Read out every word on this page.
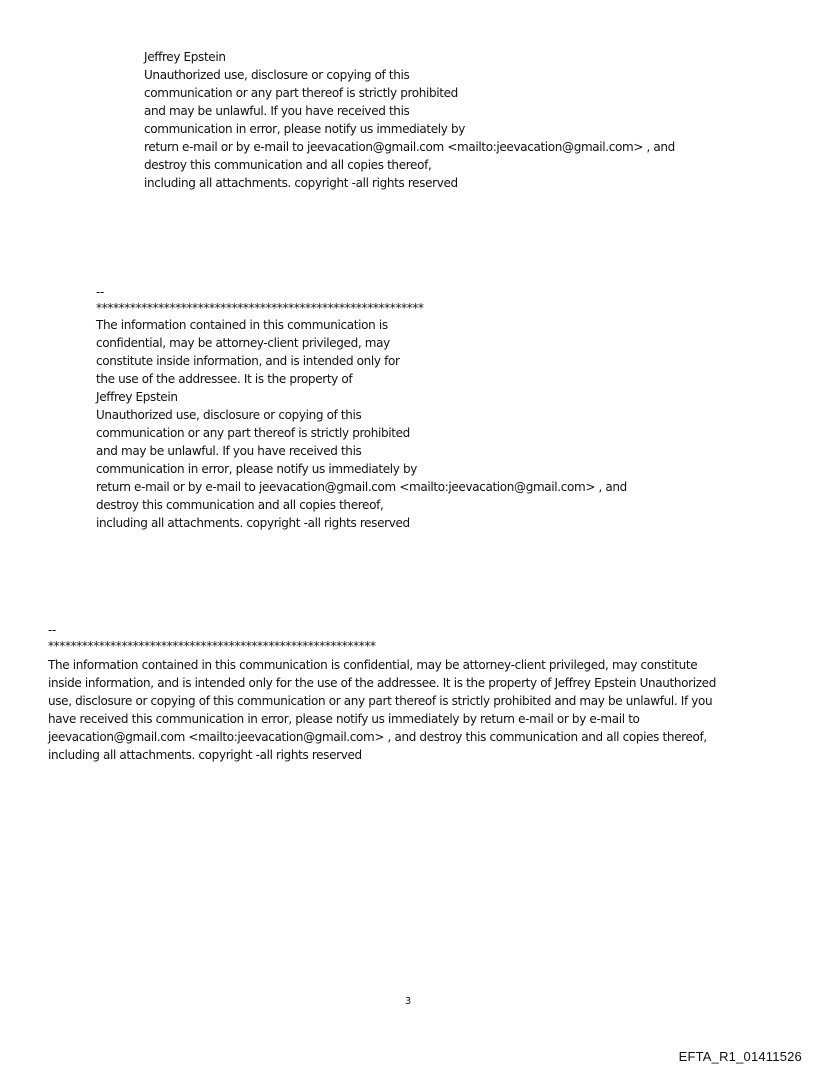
Jeffrey Epstein
Unauthorized use, disclosure or copying of this
communication or any part thereof is strictly prohibited
and may be unlawful. If you have received this
communication in error, please notify us immediately by
return e-mail or by e-mail to jeevacation@gmail.com <mailto:jeevacation@gmail.com> , and
destroy this communication and all copies thereof,
including all attachments. copyright -all rights reserved
--
**********************************************************
The information contained in this communication is
confidential, may be attorney-client privileged, may
constitute inside information, and is intended only for
the use of the addressee. It is the property of
Jeffrey Epstein
Unauthorized use, disclosure or copying of this
communication or any part thereof is strictly prohibited
and may be unlawful. If you have received this
communication in error, please notify us immediately by
return e-mail or by e-mail to jeevacation@gmail.com <mailto:jeevacation@gmail.com> , and
destroy this communication and all copies thereof,
including all attachments. copyright -all rights reserved
--
**********************************************************
The information contained in this communication is confidential, may be attorney-client privileged, may constitute
inside information, and is intended only for the use of the addressee. It is the property of Jeffrey Epstein Unauthorized
use, disclosure or copying of this communication or any part thereof is strictly prohibited and may be unlawful. If you
have received this communication in error, please notify us immediately by return e-mail or by e-mail to
jeevacation@gmail.com <mailto:jeevacation@gmail.com> , and destroy this communication and all copies thereof,
including all attachments. copyright -all rights reserved
3
EFTA_R1_01411526
